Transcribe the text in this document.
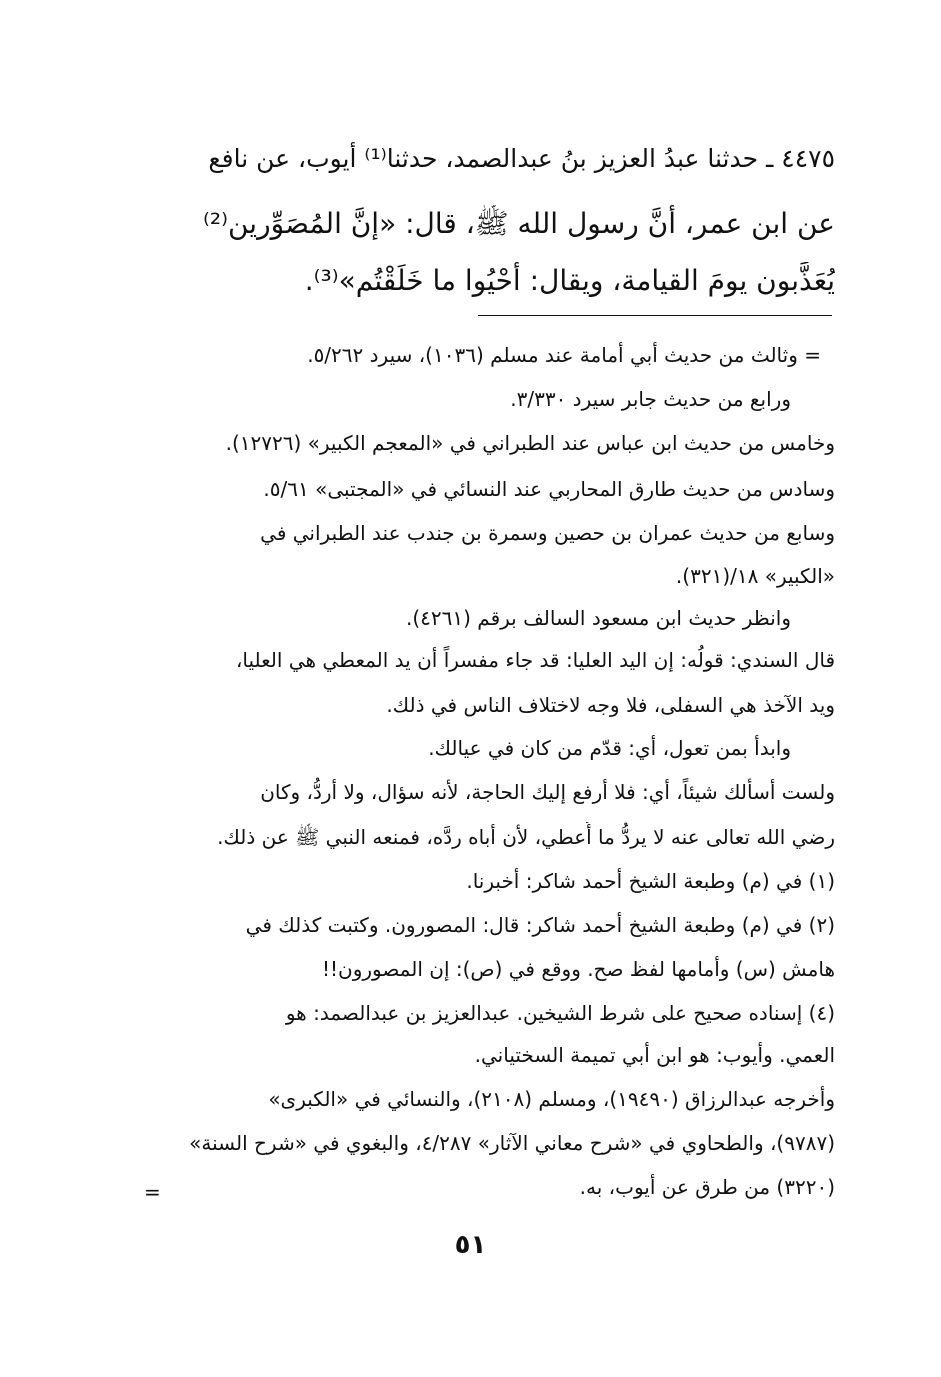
٤٤٧٥ ـ حدثنا عبدُ العزيز بنُ عبدالصمد، حدثنا⁽¹⁾ أيوب، عن نافع
عن ابن عمر، أنَّ رسول الله ﷺ، قال: «إنَّ المُصَوِّرين⁽²⁾
يُعَذَّبون يومَ القيامة، ويقال: أَحْيُوا ما خَلَقْتُم»⁽³⁾.
= وثالث من حديث أبي أمامة عند مسلم (١٠٣٦)، سيرد ٥/٢٦٢.
ورابع من حديث جابر سيرد ٣/٣٣٠.
وخامس من حديث ابن عباس عند الطبراني في «المعجم الكبير» (١٢٧٢٦).
وسادس من حديث طارق المحاربي عند النسائي في «المجتبى» ٥/٦١.
وسابع من حديث عمران بن حصين وسمرة بن جندب عند الطبراني في
«الكبير» ١٨/(٣٢١).
وانظر حديث ابن مسعود السالف برقم (٤٢٦١).
قال السندي: قولُه: إن اليد العليا: قد جاء مفسراً أن يد المعطي هي العليا،
ويد الآخذ هي السفلى، فلا وجه لاختلاف الناس في ذلك.
وابدأ بمن تعول، أي: قدّم من كان في عيالك.
ولست أسألك شيئاً، أي: فلا أرفع إليك الحاجة، لأنه سؤال، ولا أردُّ، وكان
رضي الله تعالى عنه لا يردُّ ما أُعطي، لأن أباه ردَّه، فمنعه النبي ﷺ عن ذلك.
(١) في (م) وطبعة الشيخ أحمد شاكر: أخبرنا.
(٢) في (م) وطبعة الشيخ أحمد شاكر: قال: المصورون. وكتبت كذلك في
هامش (س) وأمامها لفظ صح. ووقع في (ص): إن المصورون!!
(٤) إسناده صحيح على شرط الشيخين. عبدالعزيز بن عبدالصمد: هو
العمي. وأيوب: هو ابن أبي تميمة السختياني.
وأخرجه عبدالرزاق (١٩٤٩٠)، ومسلم (٢١٠٨)، والنسائي في «الكبرى»
(٩٧٨٧)، والطحاوي في «شرح معاني الآثار» ٤/٢٨٧، والبغوي في «شرح السنة»
(٣٢٢٠) من طرق عن أيوب، به.
=
٥١
